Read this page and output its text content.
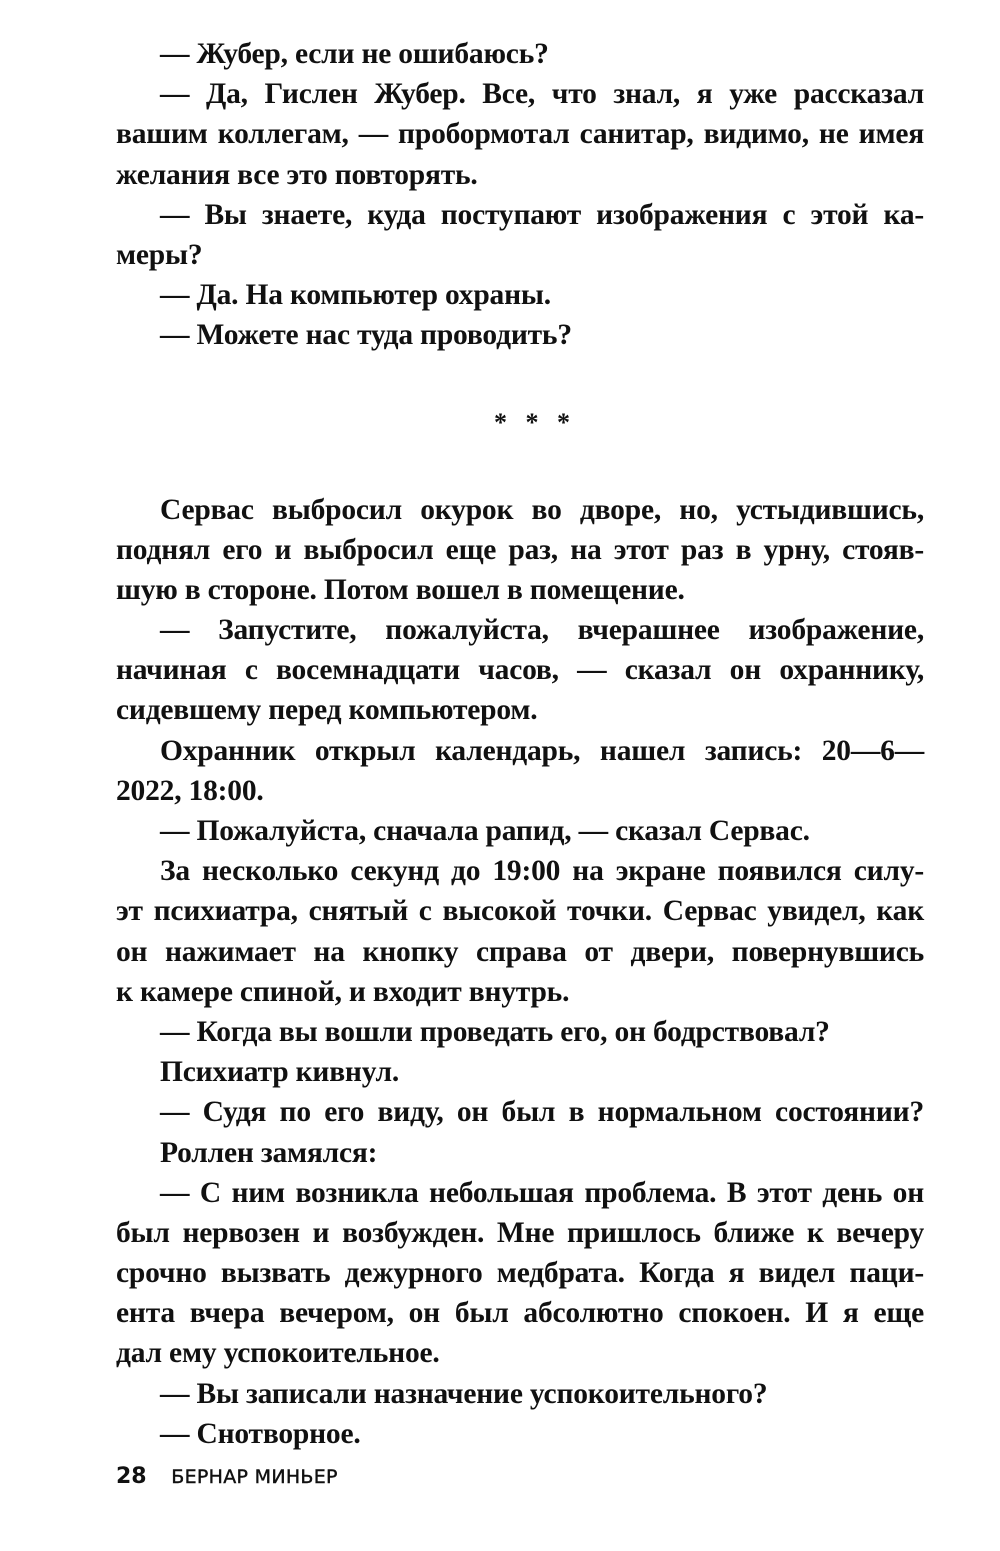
— Жубер, если не ошибаюсь?
— Да, Гислен Жубер. Все, что знал, я уже рассказал
вашим коллегам, — пробормотал санитар, видимо, не имея
желания все это повторять.
— Вы знаете, куда поступают изображения с этой ка-
меры?
— Да. На компьютер охраны.
— Можете нас туда проводить?
* * *
Сервас выбросил окурок во дворе, но, устыдившись,
поднял его и выбросил еще раз, на этот раз в урну, стояв-
шую в стороне. Потом вошел в помещение.
— Запустите, пожалуйста, вчерашнее изображение,
начиная с восемнадцати часов, — сказал он охраннику,
сидевшему перед компьютером.
Охранник открыл календарь, нашел запись: 20—6—
2022, 18:00.
— Пожалуйста, сначала рапид, — сказал Сервас.
За несколько секунд до 19:00 на экране появился силу-
эт психиатра, снятый с высокой точки. Сервас увидел, как
он нажимает на кнопку справа от двери, повернувшись
к камере спиной, и входит внутрь.
— Когда вы вошли проведать его, он бодрствовал?
Психиатр кивнул.
— Судя по его виду, он был в нормальном состоянии?
Роллен замялся:
— С ним возникла небольшая проблема. В этот день он
был нервозен и возбужден. Мне пришлось ближе к вечеру
срочно вызвать дежурного медбрата. Когда я видел паци-
ента вчера вечером, он был абсолютно спокоен. И я еще
дал ему успокоительное.
— Вы записали назначение успокоительного?
— Снотворное.
28 БЕРНАР МИНЬЕР
